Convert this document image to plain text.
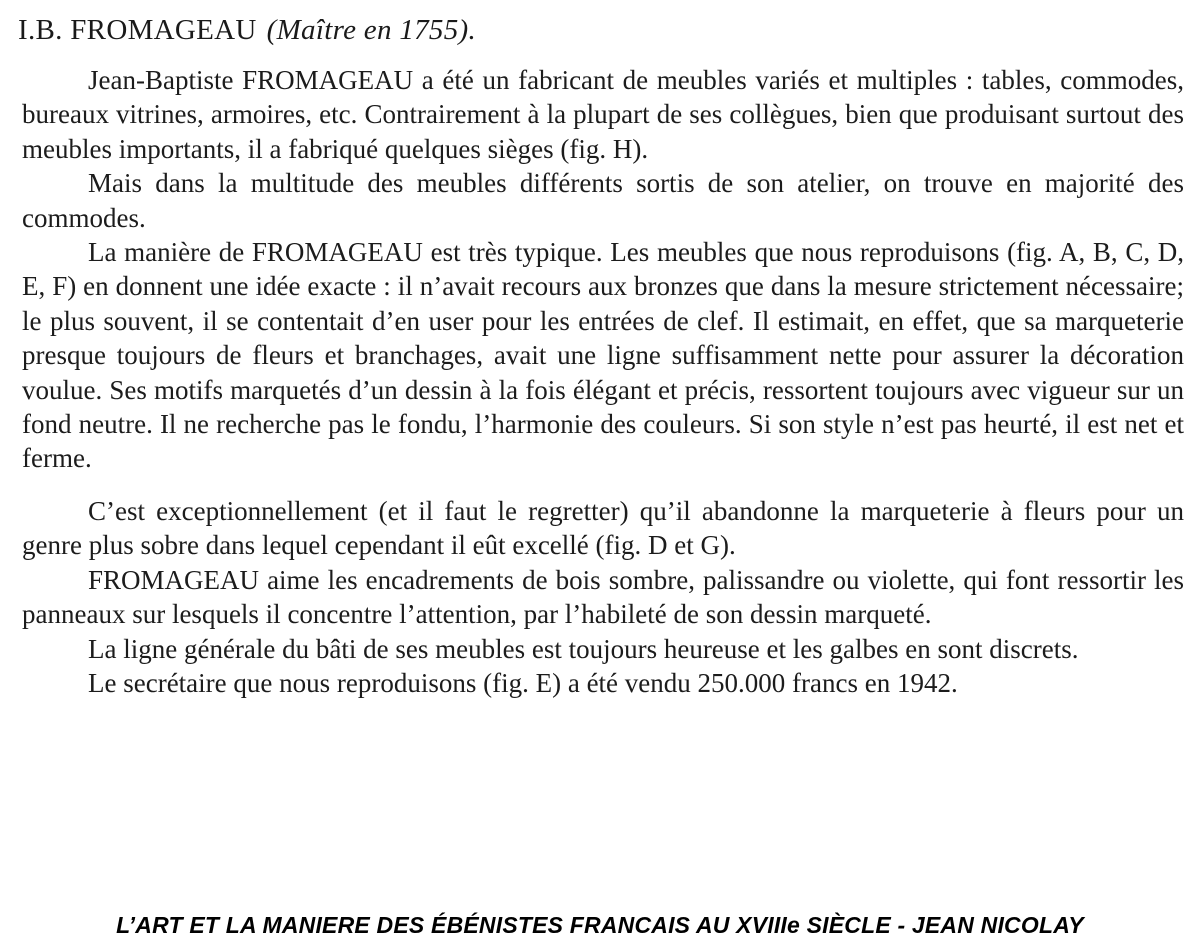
I.B. FROMAGEAU (Maître en 1755).

Jean-Baptiste FROMAGEAU a été un fabricant de meubles variés et multiples : tables, commodes, bureaux vitrines, armoires, etc. Contrairement à la plupart de ses collègues, bien que produisant surtout des meubles importants, il a fabriqué quelques sièges (fig. H).

Mais dans la multitude des meubles différents sortis de son atelier, on trouve en majorité des commodes.

La manière de FROMAGEAU est très typique. Les meubles que nous reproduisons (fig. A, B, C, D, E, F) en donnent une idée exacte : il n’avait recours aux bronzes que dans la mesure strictement nécessaire; le plus souvent, il se contentait d’en user pour les entrées de clef. Il estimait, en effet, que sa marqueterie presque toujours de fleurs et branchages, avait une ligne suffisamment nette pour assurer la décoration voulue. Ses motifs marquetés d’un dessin à la fois élégant et précis, ressortent toujours avec vigueur sur un fond neutre. Il ne recherche pas le fondu, l’harmonie des couleurs. Si son style n’est pas heurté, il est net et ferme.

C’est exceptionnellement (et il faut le regretter) qu’il abandonne la marqueterie à fleurs pour un genre plus sobre dans lequel cependant il eût excellé (fig. D et G).

FROMAGEAU aime les encadrements de bois sombre, palissandre ou violette, qui font ressortir les panneaux sur lesquels il concentre l’attention, par l’habileté de son dessin marqueté.

La ligne générale du bâti de ses meubles est toujours heureuse et les galbes en sont discrets.

Le secrétaire que nous reproduisons (fig. E) a été vendu 250.000 francs en 1942.

L’ART ET LA MANIERE DES ÉBÉNISTES FRANCAIS AU XVIIIe SIÈCLE - JEAN NICOLAY
